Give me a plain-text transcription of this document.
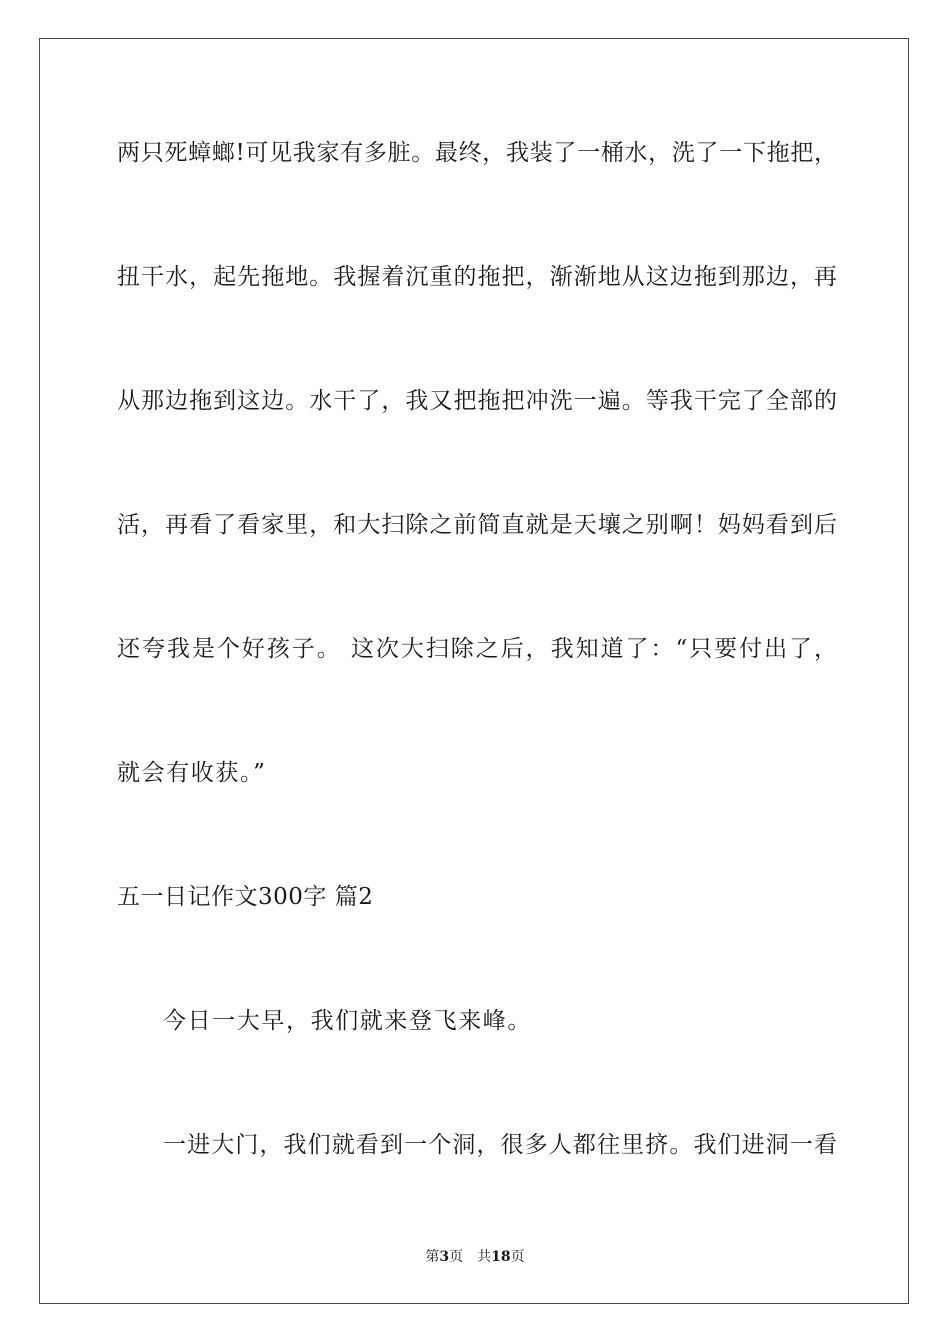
两只死蟑螂!可见我家有多脏。最终，我装了一桶水，洗了一下拖把，
扭干水，起先拖地。我握着沉重的拖把，渐渐地从这边拖到那边，再
从那边拖到这边。水干了，我又把拖把冲洗一遍。等我干完了全部的
活，再看了看家里，和大扫除之前简直就是天壤之别啊！妈妈看到后
还夸我是个好孩子。 这次大扫除之后，我知道了：“只要付出了，
就会有收获。”
五一日记作文300字 篇2
今日一大早，我们就来登飞来峰。
一进大门，我们就看到一个洞，很多人都往里挤。我们进洞一看
第3页 共18页
